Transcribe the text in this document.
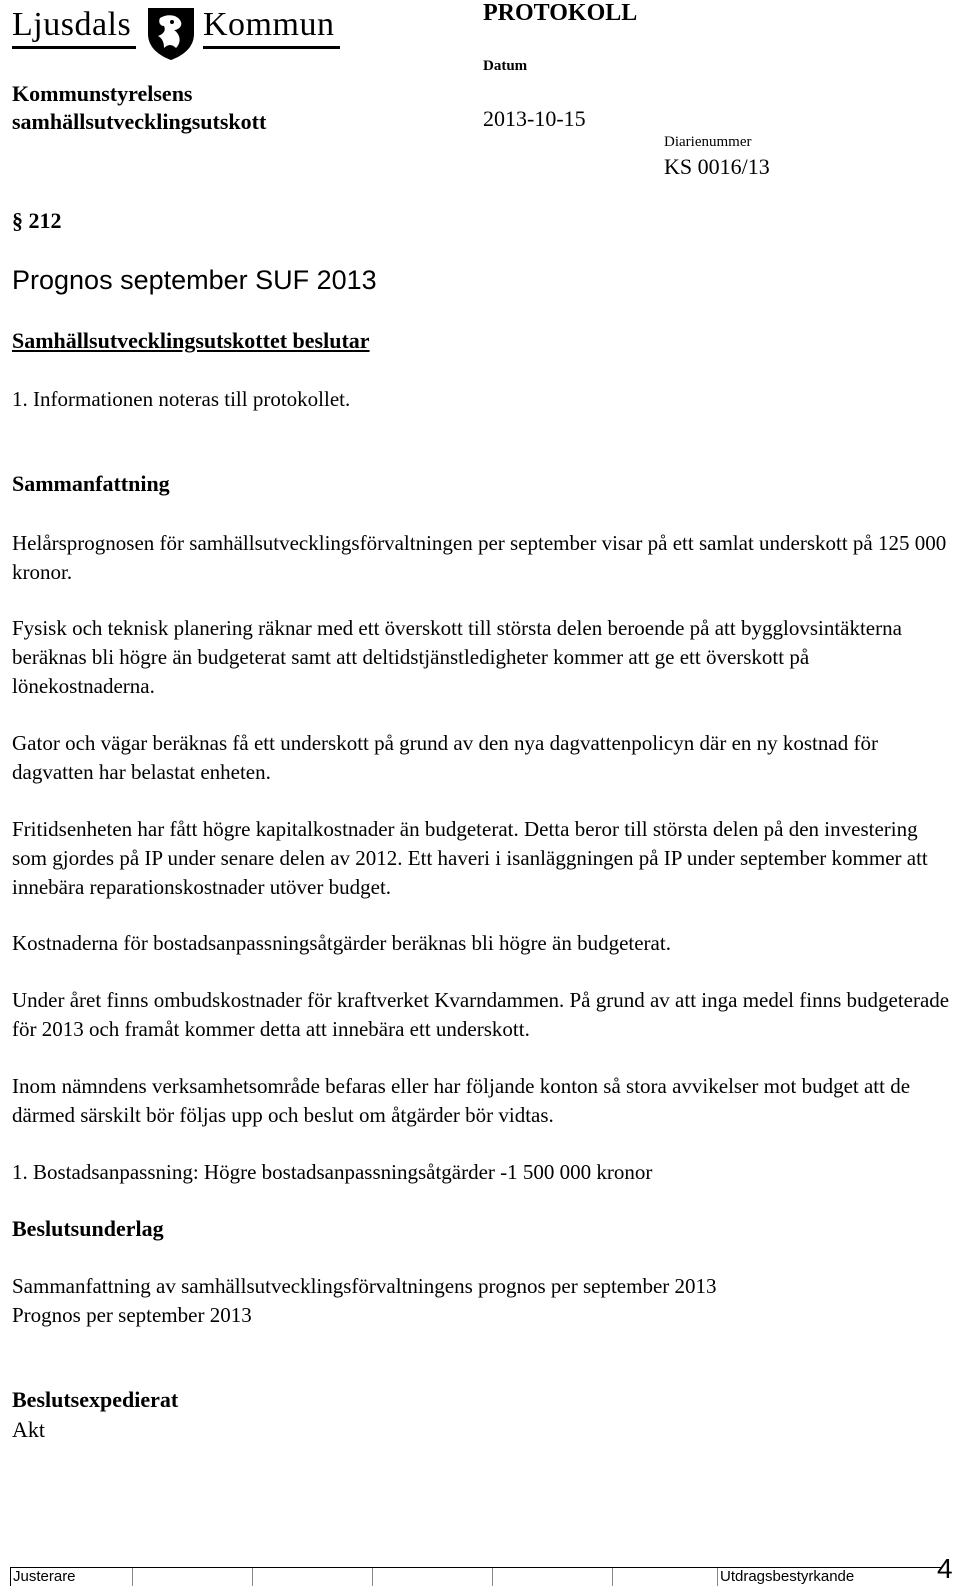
Ljusdals Kommun
Kommunstyrelsens
samhällsutvecklingsutskott
PROTOKOLL
Datum
2013-10-15
Diarienummer
KS 0016/13
§ 212
Prognos september SUF 2013
Samhällsutvecklingsutskottet beslutar
1. Informationen noteras till protokollet.
Sammanfattning
Helårsprognosen för samhällsutvecklingsförvaltningen per september visar på ett samlat underskott på 125 000 kronor.
Fysisk och teknisk planering räknar med ett överskott till största delen beroende på att bygglovsintäkterna beräknas bli högre än budgeterat samt att deltidstjänstledigheter kommer att ge ett överskott på lönekostnaderna.
Gator och vägar beräknas få ett underskott på grund av den nya dagvattenpolicyn där en ny kostnad för dagvatten har belastat enheten.
Fritidsenheten har fått högre kapitalkostnader än budgeterat. Detta beror till största delen på den investering som gjordes på IP under senare delen av 2012. Ett haveri i isanläggningen på IP under september kommer att innebära reparationskostnader utöver budget.
Kostnaderna för bostadsanpassningsåtgärder beräknas bli högre än budgeterat.
Under året finns ombudskostnader för kraftverket Kvarndammen. På grund av att inga medel finns budgeterade för 2013 och framåt kommer detta att innebära ett underskott.
Inom nämndens verksamhetsområde befaras eller har följande konton så stora avvikelser mot budget att de därmed särskilt bör följas upp och beslut om åtgärder bör vidtas.
1. Bostadsanpassning: Högre bostadsanpassningsåtgärder -1 500 000 kronor
Beslutsunderlag
Sammanfattning av samhällsutvecklingsförvaltningens prognos per september 2013
Prognos per september 2013
Beslutsexpedierat
Akt
Justerare	Utdragsbestyrkande	4
